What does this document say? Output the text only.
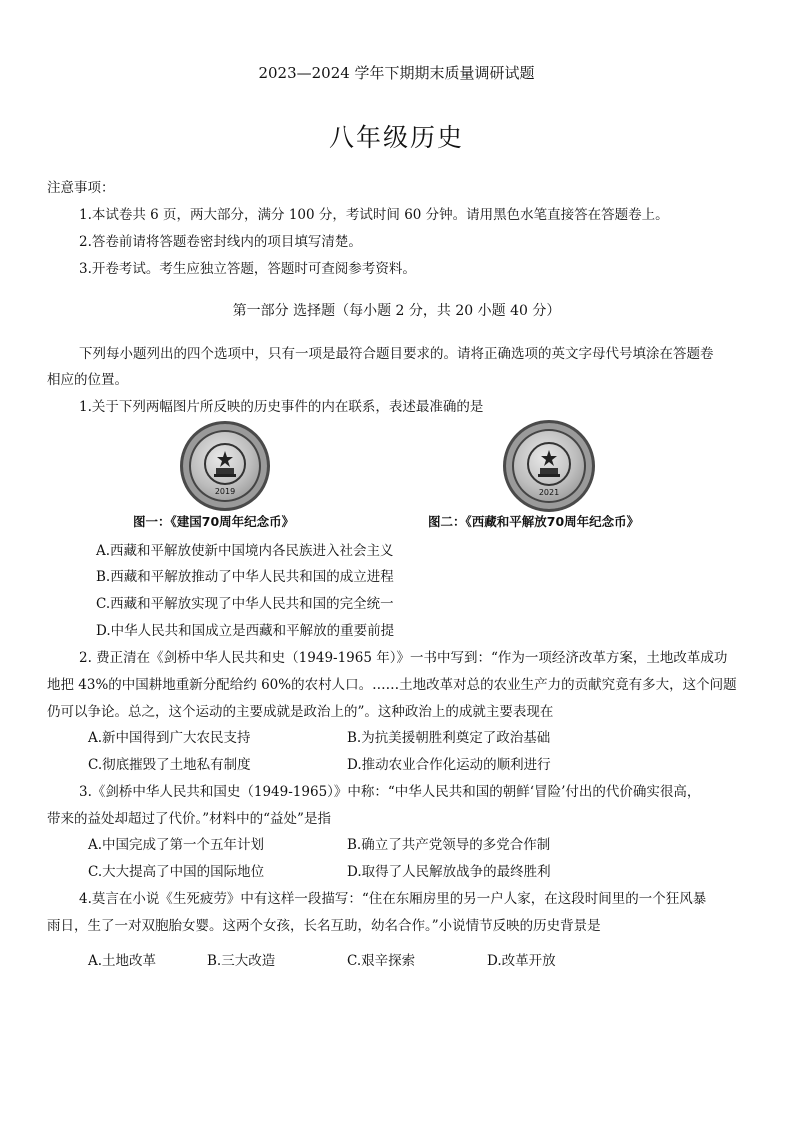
2023—2024 学年下期期末质量调研试题
八年级历史
注意事项：
1.本试卷共 6 页，两大部分，满分 100 分，考试时间 60 分钟。请用黑色水笔直接答在答题卷上。
2.答卷前请将答题卷密封线内的项目填写清楚。
3.开卷考试。考生应独立答题，答题时可查阅参考资料。
第一部分 选择题（每小题 2 分，共 20 小题 40 分）
下列每小题列出的四个选项中，只有一项是最符合题目要求的。请将正确选项的英文字母代号填涂在答题卷
相应的位置。
1.关于下列两幅图片所反映的历史事件的内在联系，表述最准确的是
2019
图一：《建国70周年纪念币》
2021
图二：《西藏和平解放70周年纪念币》
A.西藏和平解放使新中国境内各民族进入社会主义
B.西藏和平解放推动了中华人民共和国的成立进程
C.西藏和平解放实现了中华人民共和国的完全统一
D.中华人民共和国成立是西藏和平解放的重要前提
2. 费正清在《剑桥中华人民共和史（1949-1965 年）》一书中写到：“作为一项经济改革方案，土地改革成功
地把 43%的中国耕地重新分配给约 60%的农村人口。……土地改革对总的农业生产力的贡献究竟有多大，这个问题
仍可以争论。总之，这个运动的主要成就是政治上的”。这种政治上的成就主要表现在
A.新中国得到广大农民支持	B.为抗美援朝胜利奠定了政治基础
C.彻底摧毁了土地私有制度	D.推动农业合作化运动的顺利进行
3.《剑桥中华人民共和国史（1949-1965）》中称：“中华人民共和国的朝鲜‘冒险’付出的代价确实很高，
带来的益处却超过了代价。”材料中的“益处”是指
A.中国完成了第一个五年计划	B.确立了共产党领导的多党合作制
C.大大提高了中国的国际地位	D.取得了人民解放战争的最终胜利
4.莫言在小说《生死疲劳》中有这样一段描写：“住在东厢房里的另一户人家，在这段时间里的一个狂风暴
雨日，生了一对双胞胎女婴。这两个女孩，长名互助，幼名合作。”小说情节反映的历史背景是
A.土地改革	B.三大改造	C.艰辛探索	D.改革开放
